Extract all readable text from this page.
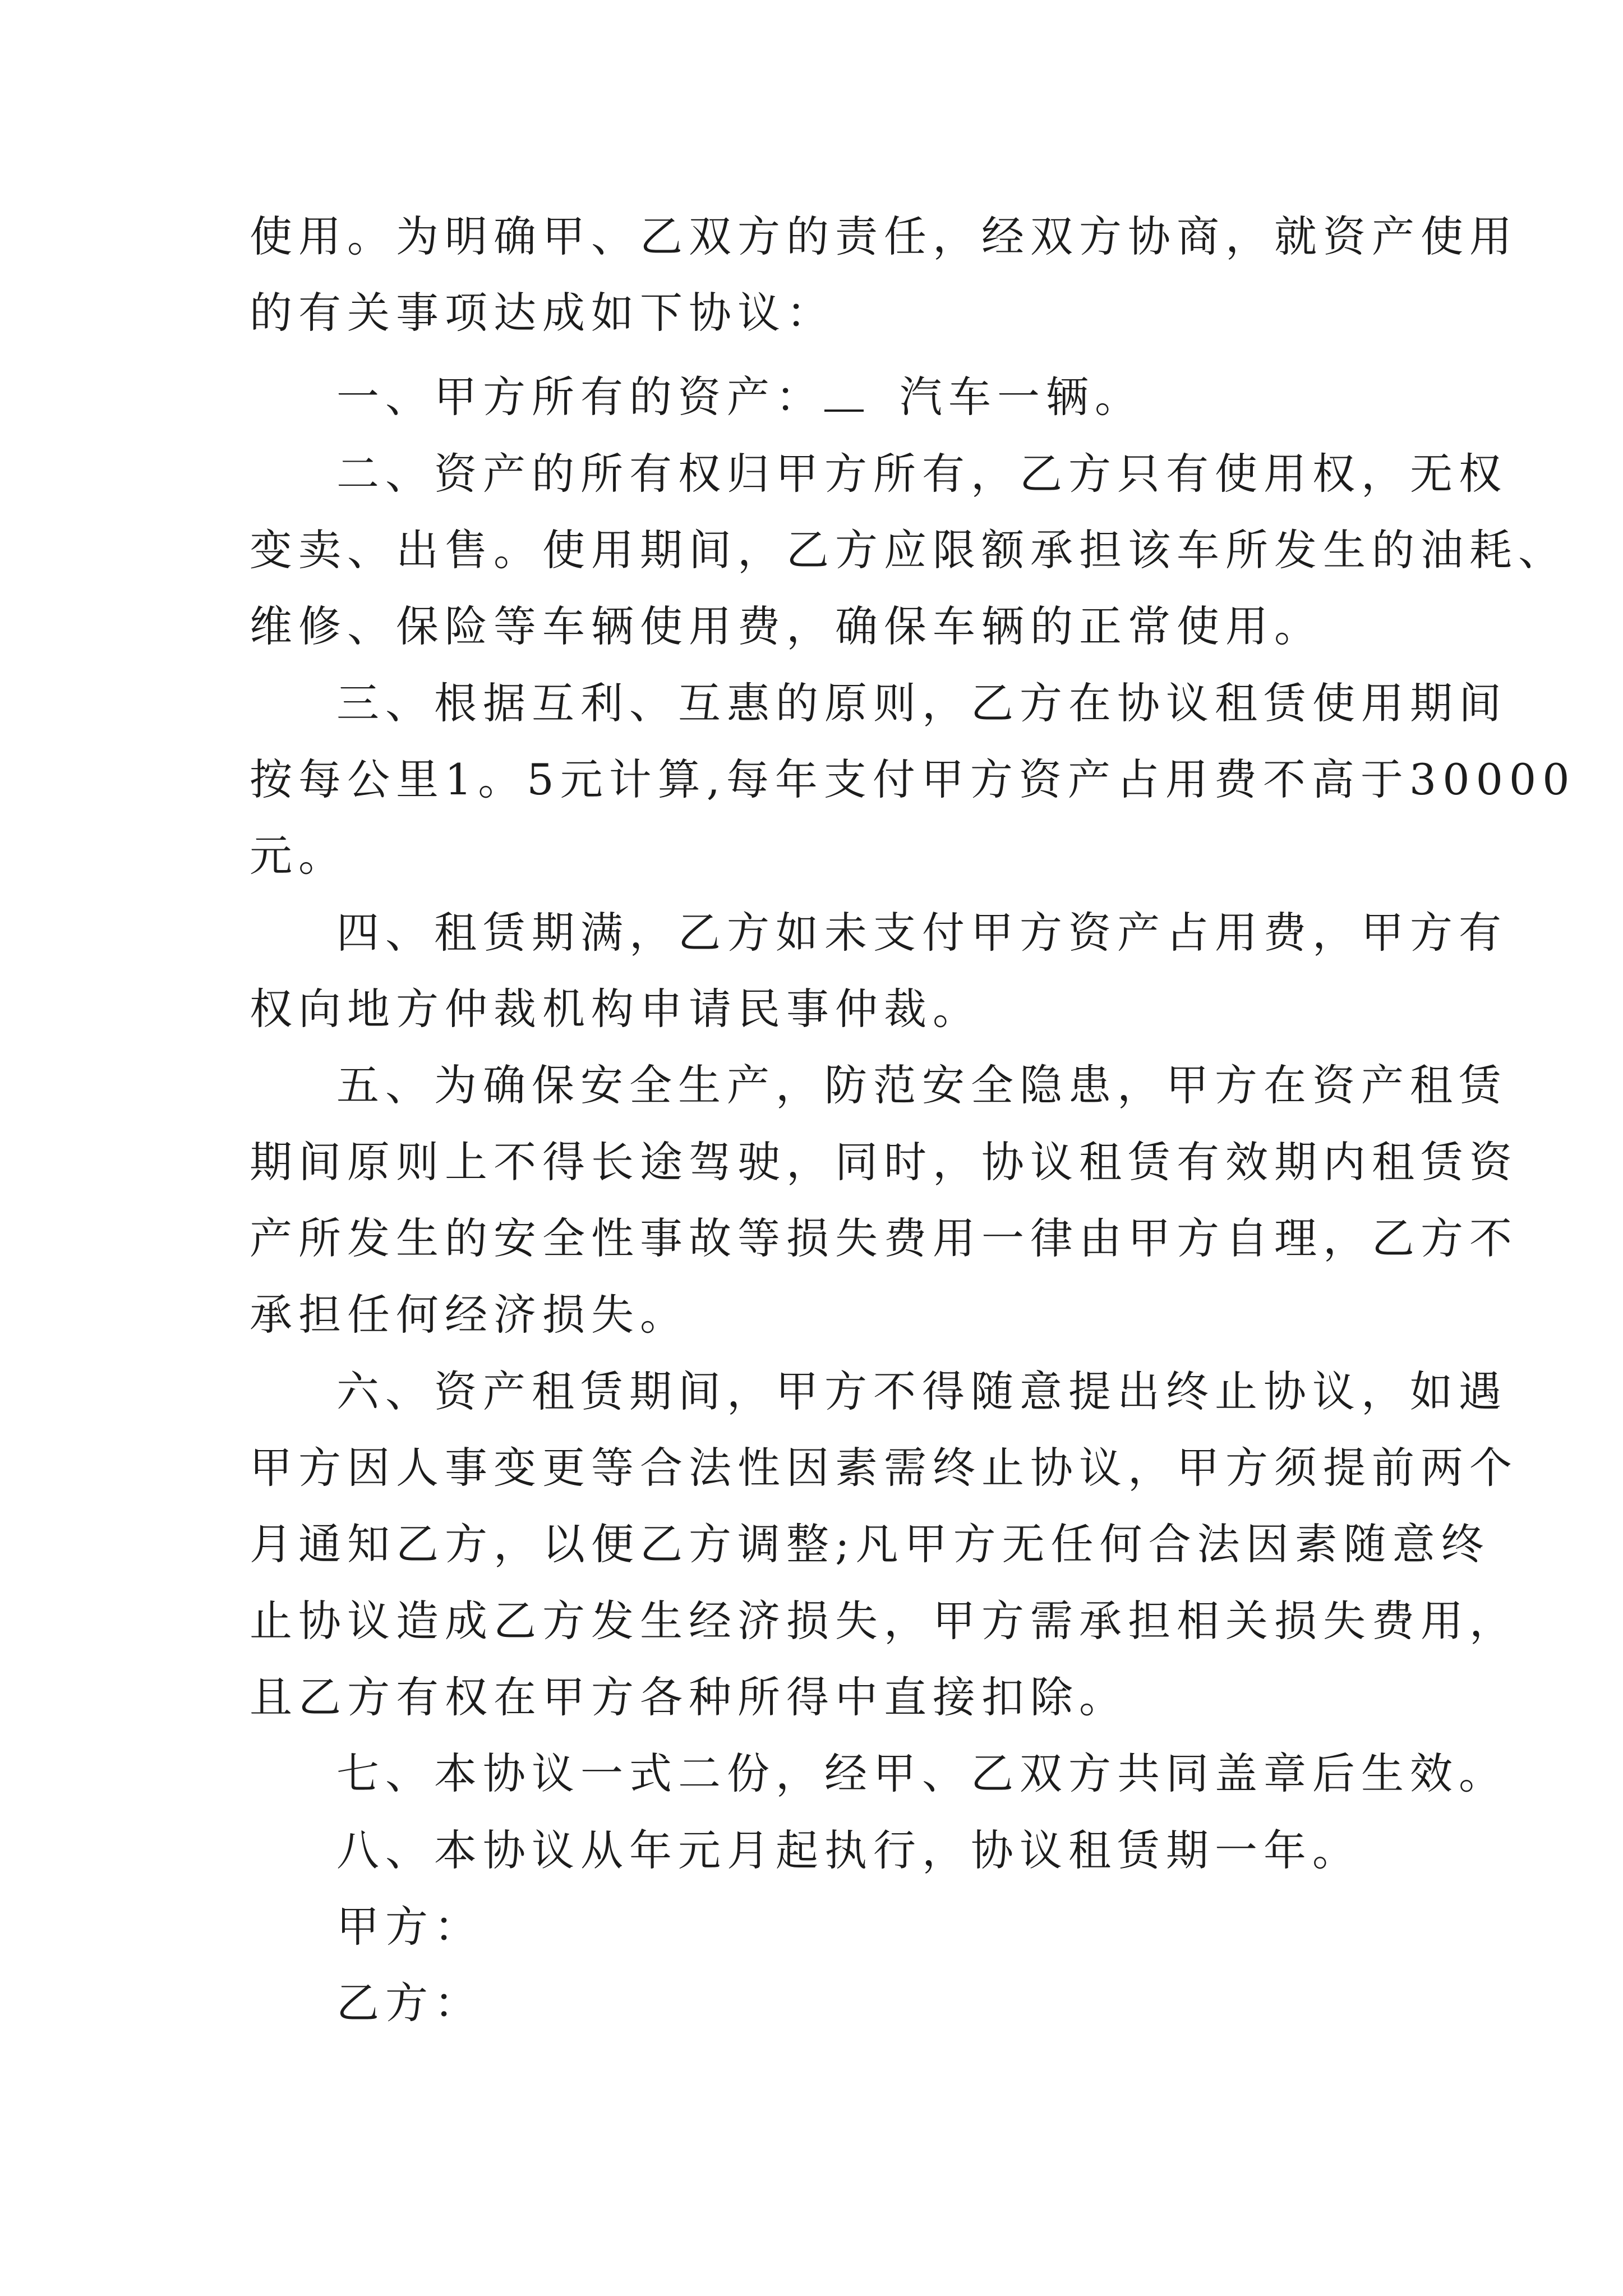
使用。为明确甲、乙双方的责任，经双方协商，就资产使用
的有关事项达成如下协议：
一、甲方所有的资产： 汽车一辆。
二、资产的所有权归甲方所有，乙方只有使用权，无权
变卖、出售。使用期间，乙方应限额承担该车所发生的油耗、
维修、保险等车辆使用费，确保车辆的正常使用。
三、根据互利、互惠的原则，乙方在协议租赁使用期间
按每公里1。5元计算,每年支付甲方资产占用费不高于30000
元。
四、租赁期满，乙方如未支付甲方资产占用费，甲方有
权向地方仲裁机构申请民事仲裁。
五、为确保安全生产，防范安全隐患，甲方在资产租赁
期间原则上不得长途驾驶，同时，协议租赁有效期内租赁资
产所发生的安全性事故等损失费用一律由甲方自理，乙方不
承担任何经济损失。
六、资产租赁期间，甲方不得随意提出终止协议，如遇
甲方因人事变更等合法性因素需终止协议，甲方须提前两个
月通知乙方，以便乙方调整;凡甲方无任何合法因素随意终
止协议造成乙方发生经济损失，甲方需承担相关损失费用，
且乙方有权在甲方各种所得中直接扣除。
七、本协议一式二份，经甲、乙双方共同盖章后生效。
八、本协议从年元月起执行，协议租赁期一年。
甲方：
乙方：
